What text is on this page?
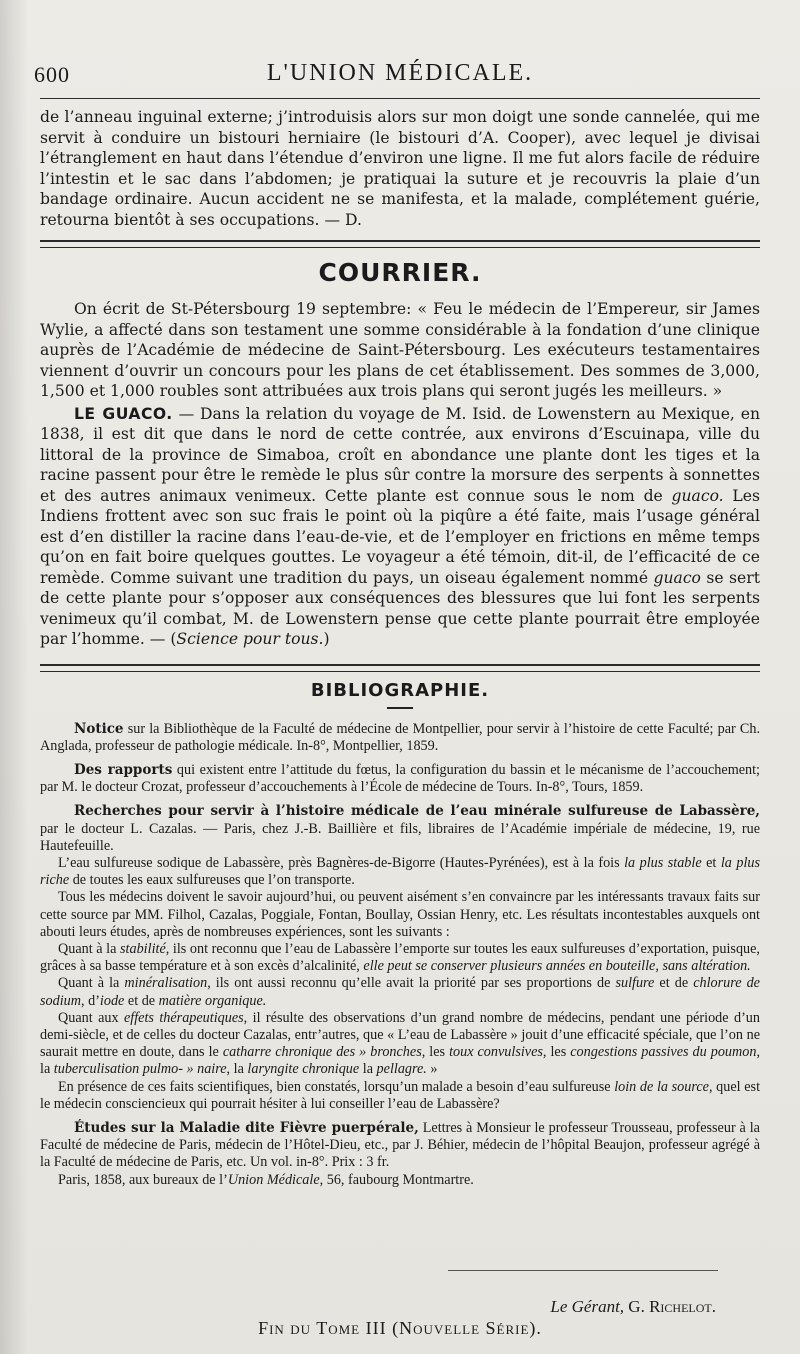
600	L'UNION MÉDICALE.

de l’anneau inguinal externe; j’introduisis alors sur mon doigt une sonde cannelée, qui me servit à conduire un bistouri herniaire (le bistouri d’A. Cooper), avec lequel je divisai l’étranglement en haut dans l’étendue d’environ une ligne. Il me fut alors facile de réduire l’intestin et le sac dans l’abdomen; je pratiquai la suture et je recouvris la plaie d’un bandage ordinaire. Aucun accident ne se manifesta, et la malade, complétement guérie, retourna bientôt à ses occupations. — D.

COURRIER.

On écrit de St-Pétersbourg 19 septembre: « Feu le médecin de l’Empereur, sir James Wylie, a affecté dans son testament une somme considérable à la fondation d’une clinique auprès de l’Académie de médecine de Saint-Pétersbourg. Les exécuteurs testamentaires viennent d’ouvrir un concours pour les plans de cet établissement. Des sommes de 3,000, 1,500 et 1,000 roubles sont attribuées aux trois plans qui seront jugés les meilleurs. »

LE GUACO. — Dans la relation du voyage de M. Isid. de Lowenstern au Mexique, en 1838, il est dit que dans le nord de cette contrée, aux environs d’Escuinapa, ville du littoral de la province de Simaboa, croît en abondance une plante dont les tiges et la racine passent pour être le remède le plus sûr contre la morsure des serpents à sonnettes et des autres animaux venimeux. Cette plante est connue sous le nom de guaco. Les Indiens frottent avec son suc frais le point où la piqûre a été faite, mais l’usage général est d’en distiller la racine dans l’eau-de-vie, et de l’employer en frictions en même temps qu’on en fait boire quelques gouttes. Le voyageur a été témoin, dit-il, de l’efficacité de ce remède. Comme suivant une tradition du pays, un oiseau également nommé guaco se sert de cette plante pour s’opposer aux conséquences des blessures que lui font les serpents venimeux qu’il combat, M. de Lowenstern pense que cette plante pourrait être employée par l’homme. — (Science pour tous.)

BIBLIOGRAPHIE.

Notice sur la Bibliothèque de la Faculté de médecine de Montpellier, pour servir à l’histoire de cette Faculté; par Ch. Anglada, professeur de pathologie médicale. In-8°, Montpellier, 1859.

Des rapports qui existent entre l’attitude du fœtus, la configuration du bassin et le mécanisme de l’accouchement; par M. le docteur Crozat, professeur d’accouchements à l’École de médecine de Tours. In-8°, Tours, 1859.

Recherches pour servir à l’histoire médicale de l’eau minérale sulfureuse de Labassère, par le docteur L. Cazalas. — Paris, chez J.-B. Baillière et fils, libraires de l’Académie impériale de médecine, 19, rue Hautefeuille.

L’eau sulfureuse sodique de Labassère, près Bagnères-de-Bigorre (Hautes-Pyrénées), est à la fois la plus stable et la plus riche de toutes les eaux sulfureuses que l’on transporte.

Tous les médecins doivent le savoir aujourd’hui, ou peuvent aisément s’en convaincre par les intéressants travaux faits sur cette source par MM. Filhol, Cazalas, Poggiale, Fontan, Boullay, Ossian Henry, etc. Les résultats incontestables auxquels ont abouti leurs études, après de nombreuses expériences, sont les suivants :

Quant à la stabilité, ils ont reconnu que l’eau de Labassère l’emporte sur toutes les eaux sulfureuses d’exportation, puisque, grâces à sa basse température et à son excès d’alcalinité, elle peut se conserver plusieurs années en bouteille, sans altération.

Quant à la minéralisation, ils ont aussi reconnu qu’elle avait la priorité par ses proportions de sulfure et de chlorure de sodium, d’iode et de matière organique.

Quant aux effets thérapeutiques, il résulte des observations d’un grand nombre de médecins, pendant une période d’un demi-siècle, et de celles du docteur Cazalas, entr’autres, que « L’eau de Labassère » jouit d’une efficacité spéciale, que l’on ne saurait mettre en doute, dans le catharre chronique des » bronches, les toux convulsives, les congestions passives du poumon, la tuberculisation pulmo- » naire, la laryngite chronique la pellagre. »

En présence de ces faits scientifiques, bien constatés, lorsqu’un malade a besoin d’eau sulfureuse loin de la source, quel est le médecin consciencieux qui pourrait hésiter à lui conseiller l’eau de Labassère?

Études sur la Maladie dite Fièvre puerpérale, Lettres à Monsieur le professeur Trousseau, professeur à la Faculté de médecine de Paris, médecin de l’Hôtel-Dieu, etc., par J. Béhier, médecin de l’hôpital Beaujon, professeur agrégé à la Faculté de médecine de Paris, etc. Un vol. in-8°. Prix : 3 fr.

Paris, 1858, aux bureaux de l’Union Médicale, 56, faubourg Montmartre.

Le Gérant, G. Richelot.
Fin du Tome III (Nouvelle Série).
